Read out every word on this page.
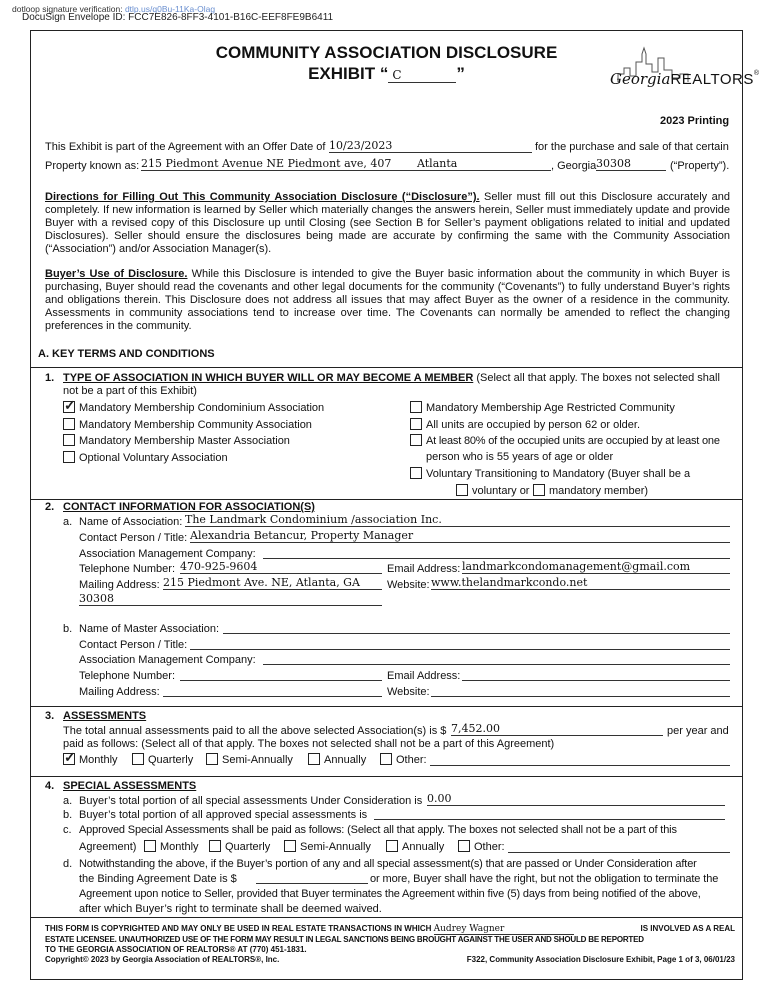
dotloop signature verification: dtlp.us/q0Bu-11Ka-Olag
DocuSign Envelope ID: FCC7E826-8FF3-4101-B16C-EEF8FE9B6411
COMMUNITY ASSOCIATION DISCLOSURE
EXHIBIT “ C	”	GeorgiaREALTORS®
2023 Printing
This Exhibit is part of the Agreement with an Offer Date of 10/23/2023	for the purchase and sale of that certain
Property known as: 215 Piedmont Avenue NE Piedmont ave, 407	Atlanta	, Georgia 30308	(“Property”).
Directions for Filling Out This Community Association Disclosure (“Disclosure”). Seller must fill out this Disclosure accurately and completely. If new information is learned by Seller which materially changes the answers herein, Seller must immediately update and provide Buyer with a revised copy of this Disclosure up until Closing (see Section B for Seller’s payment obligations related to initial and updated Disclosures). Seller should ensure the disclosures being made are accurate by confirming the same with the Community Association (“Association”) and/or Association Manager(s).
Buyer’s Use of Disclosure. While this Disclosure is intended to give the Buyer basic information about the community in which Buyer is purchasing, Buyer should read the covenants and other legal documents for the community (“Covenants”) to fully understand Buyer’s rights and obligations therein. This Disclosure does not address all issues that may affect Buyer as the owner of a residence in the community. Assessments in community associations tend to increase over time. The Covenants can normally be amended to reflect the changing preferences in the community.
A. KEY TERMS AND CONDITIONS
1. TYPE OF ASSOCIATION IN WHICH BUYER WILL OR MAY BECOME A MEMBER (Select all that apply. The boxes not selected shall
not be a part of this Exhibit)
✓Mandatory Membership Condominium Association
Mandatory Membership Community Association
Mandatory Membership Master Association
Optional Voluntary Association
Mandatory Membership Age Restricted Community
All units are occupied by person 62 or older.
At least 80% of the occupied units are occupied by at least one
person who is 55 years of age or older
Voluntary Transitioning to Mandatory (Buyer shall be a
voluntary or	mandatory member)
2. CONTACT INFORMATION FOR ASSOCIATION(S)
a. Name of Association: The Landmark Condominium /association Inc.
Contact Person / Title: Alexandria Betancur, Property Manager
Association Management Company:
Telephone Number: 470-925-9604	Email Address: landmarkcondomanagement@gmail.com
Mailing Address: 215 Piedmont Ave. NE, Atlanta, GA	Website: www.thelandmarkcondo.net
30308
b. Name of Master Association:
Contact Person / Title:
Association Management Company:
Telephone Number:	Email Address:
Mailing Address:	Website:
3. ASSESSMENTS
The total annual assessments paid to all the above selected Association(s) is $ 7,452.00	per year and
paid as follows: (Select all of that apply. The boxes not selected shall not be a part of this Agreement)
✓Monthly	Quarterly	Semi-Annually	Annually	Other:
4. SPECIAL ASSESSMENTS
a. Buyer’s total portion of all special assessments Under Consideration is 0.00
b. Buyer’s total portion of all approved special assessments is
c. Approved Special Assessments shall be paid as follows: (Select all that apply. The boxes not selected shall not be a part of this
Agreement)	Monthly	Quarterly	Semi-Annually	Annually	Other:
d. Notwithstanding the above, if the Buyer’s portion of any and all special assessment(s) that are passed or Under Consideration after
the Binding Agreement Date is $	or more, Buyer shall have the right, but not the obligation to terminate the
Agreement upon notice to Seller, provided that Buyer terminates the Agreement within five (5) days from being notified of the above,
after which Buyer’s right to terminate shall be deemed waived.
THIS FORM IS COPYRIGHTED AND MAY ONLY BE USED IN REAL ESTATE TRANSACTIONS IN WHICH Audrey Wagner	IS INVOLVED AS A REAL
ESTATE LICENSEE. UNAUTHORIZED USE OF THE FORM MAY RESULT IN LEGAL SANCTIONS BEING BROUGHT AGAINST THE USER AND SHOULD BE REPORTED
TO THE GEORGIA ASSOCIATION OF REALTORS® AT (770) 451-1831.
Copyright© 2023 by Georgia Association of REALTORS®, Inc.	F322, Community Association Disclosure Exhibit, Page 1 of 3, 06/01/23
